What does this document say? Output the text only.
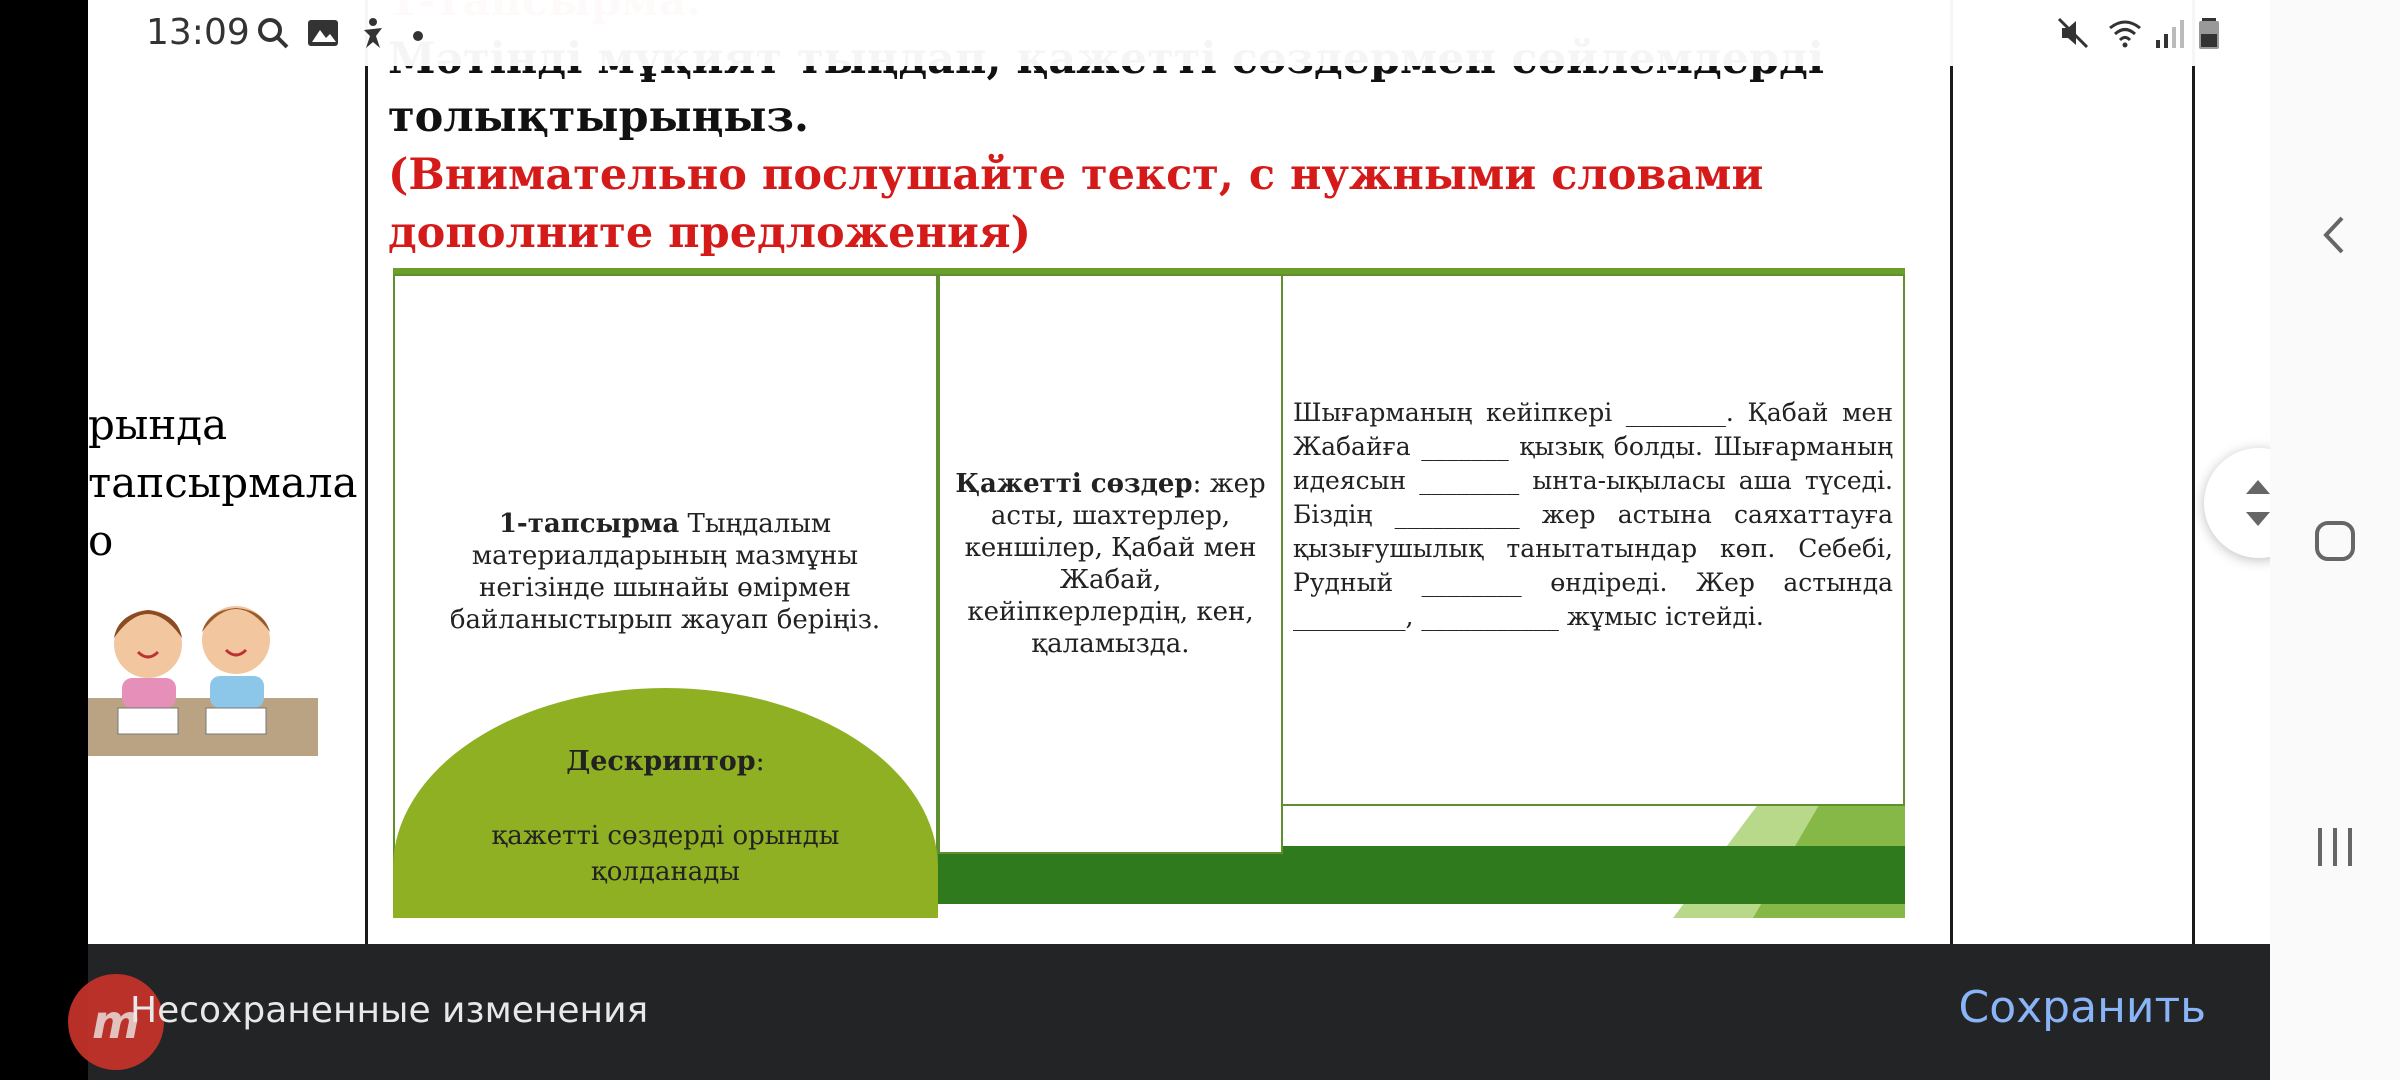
рында
тапсырмала
о
толықтырыңыз.
(Внимательно послушайте текст, с нужными словами дополните предложения)
1-тапсырма Тыңдалым материалдарының мазмұны негізінде шынайы өмірмен байланыстырып жауап беріңіз.
Қажетті сөздер: жер асты, шахтерлер, кеншілер, Қабай мен Жабай, кейіпкерлердің, кен, қаламызда.
Шығарманың кейіпкері ________. Қабай мен Жабайға _______ қызық болды. Шығарманың идеясын ________ ынта-ықыласы аша түседі. Біздің __________ жер астына саяхаттауға қызығушылық танытатындар көп. Себебі, Рудный ________ өндіреді. Жер астында _________, ___________ жұмыс істейді.
Дескриптор:
қажетті сөздерді орынды қолданады
13:09
m
Несохраненные изменения	Сохранить
